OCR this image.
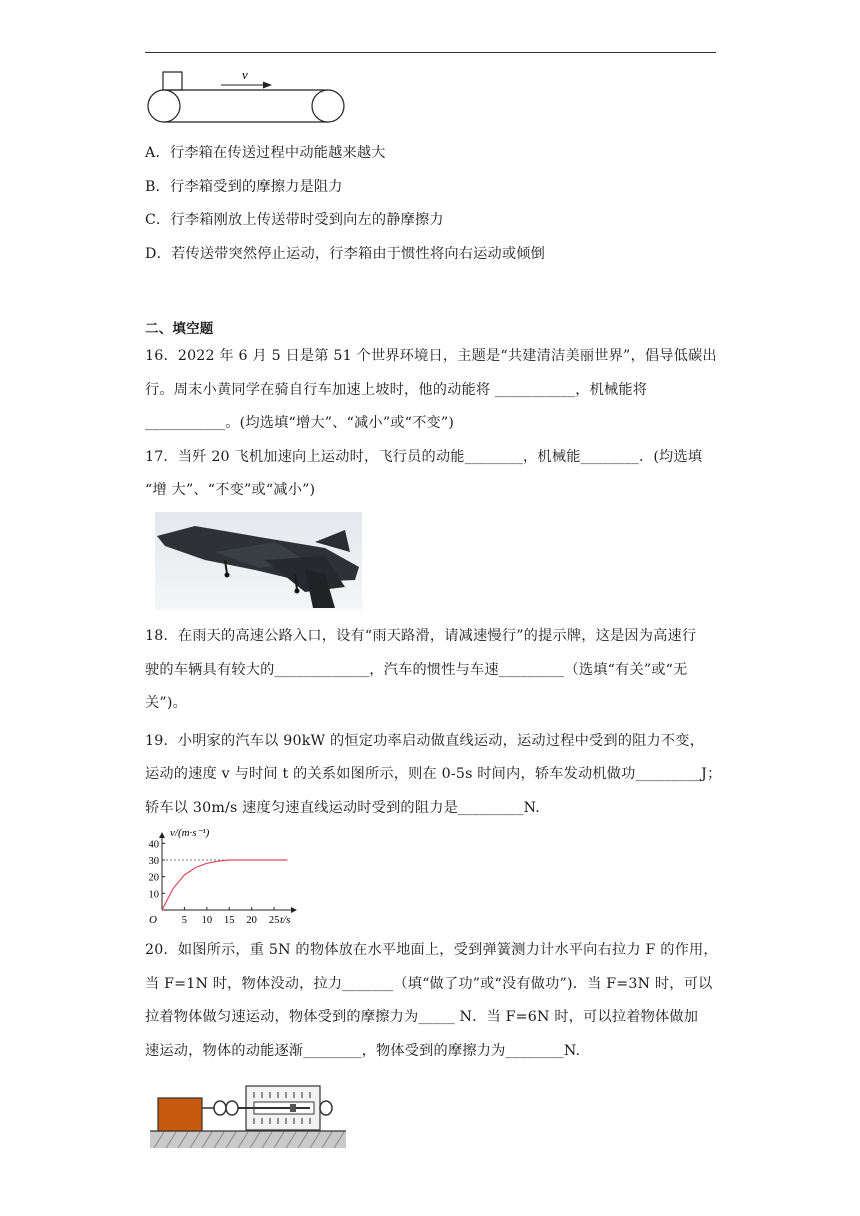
v
A．行李箱在传送过程中动能越来越大
B．行李箱受到的摩擦力是阻力
C．行李箱刚放上传送带时受到向左的静摩擦力
D．若传送带突然停止运动，行李箱由于惯性将向右运动或倾倒
二、填空题
16．2022 年 6 月 5 日是第 51 个世界环境日，主题是“共建清洁美丽世界”，倡导低碳出
行。周末小黄同学在骑自行车加速上坡时，他的动能将 ___________，机械能将
___________。(均选填“增大”、“减小”或“不变”)
17．当歼 20 飞机加速向上运动时，飞行员的动能________，机械能________．(均选填
“增 大”、“不变”或“减小”)
18．在雨天的高速公路入口，设有“雨天路滑，请减速慢行”的提示牌，这是因为高速行
驶的车辆具有较大的_____________，汽车的惯性与车速_________（选填“有关”或“无
关”)。
19．小明家的汽车以 90kW 的恒定功率启动做直线运动，运动过程中受到的阻力不变，
运动的速度 v 与时间 t 的关系如图所示，则在 0-5s 时间内，轿车发动机做功_________J；
轿车以 30m/s 速度匀速直线运动时受到的阻力是_________N.
v/(m·s⁻¹)
t/s
O
10
20
30
40
5 10 15 20 25
20．如图所示，重 5N 的物体放在水平地面上，受到弹簧测力计水平向右拉力 F 的作用，
当 F=1N 时，物体没动，拉力_______（填“做了功”或“没有做功”)．当 F=3N 时，可以
拉着物体做匀速运动，物体受到的摩擦力为_____ N．当 F=6N 时，可以拉着物体做加
速运动，物体的动能逐渐________，物体受到的摩擦力为________N.
